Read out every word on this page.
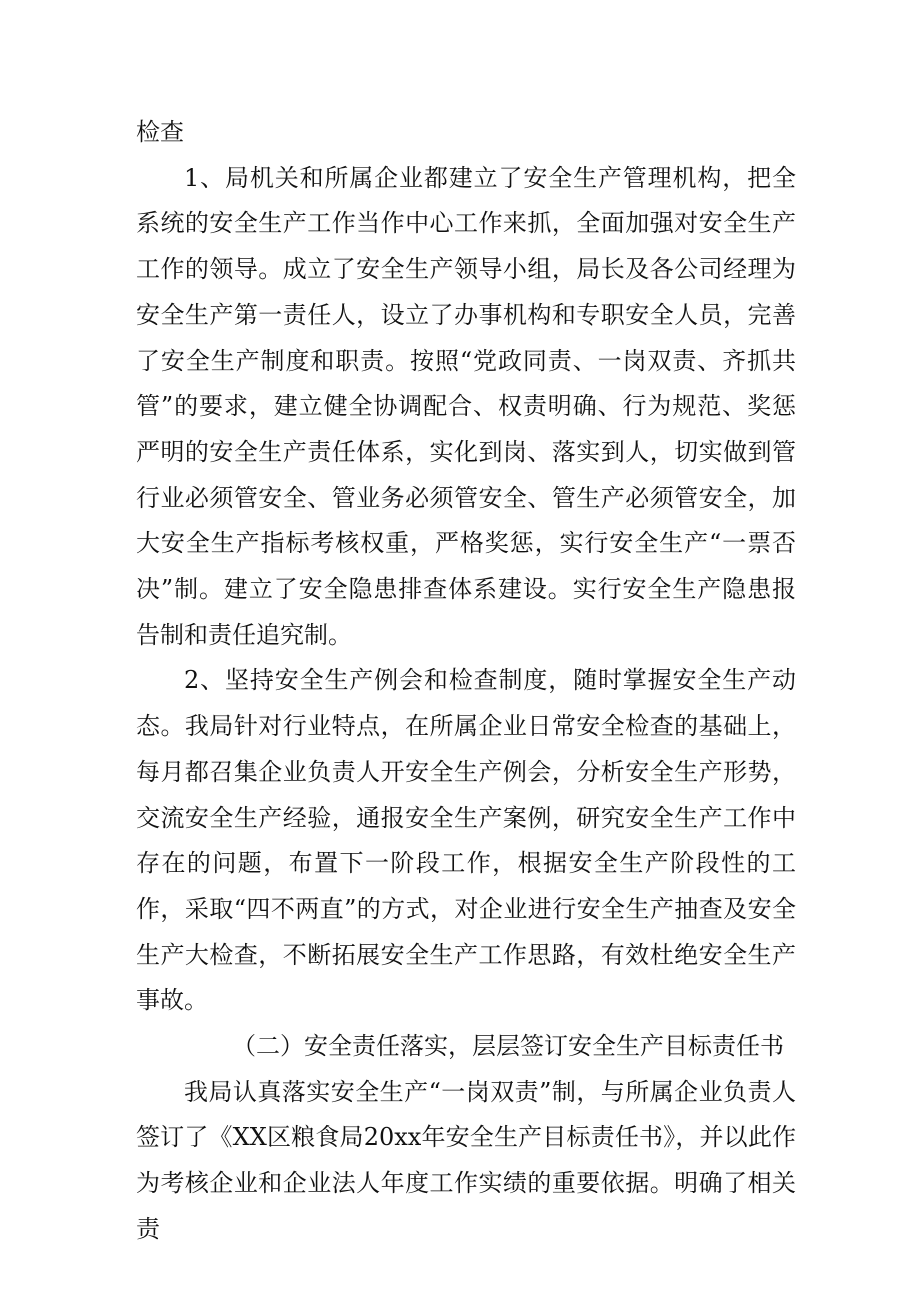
检查

1、局机关和所属企业都建立了安全生产管理机构，把全系统的安全生产工作当作中心工作来抓，全面加强对安全生产工作的领导。成立了安全生产领导小组，局长及各公司经理为安全生产第一责任人，设立了办事机构和专职安全人员，完善了安全生产制度和职责。按照“党政同责、一岗双责、齐抓共管”的要求，建立健全协调配合、权责明确、行为规范、奖惩严明的安全生产责任体系，实化到岗、落实到人，切实做到管行业必须管安全、管业务必须管安全、管生产必须管安全，加大安全生产指标考核权重，严格奖惩，实行安全生产“一票否决”制。建立了安全隐患排查体系建设。实行安全生产隐患报告制和责任追究制。

2、坚持安全生产例会和检查制度，随时掌握安全生产动态。我局针对行业特点，在所属企业日常安全检查的基础上，每月都召集企业负责人开安全生产例会，分析安全生产形势，交流安全生产经验，通报安全生产案例，研究安全生产工作中存在的问题，布置下一阶段工作，根据安全生产阶段性的工作，采取“四不两直”的方式，对企业进行安全生产抽查及安全生产大检查，不断拓展安全生产工作思路，有效杜绝安全生产事故。

（二）安全责任落实，层层签订安全生产目标责任书

我局认真落实安全生产“一岗双责”制，与所属企业负责人签订了《XX区粮食局20xx年安全生产目标责任书》，并以此作为考核企业和企业法人年度工作实绩的重要依据。明确了相关责
